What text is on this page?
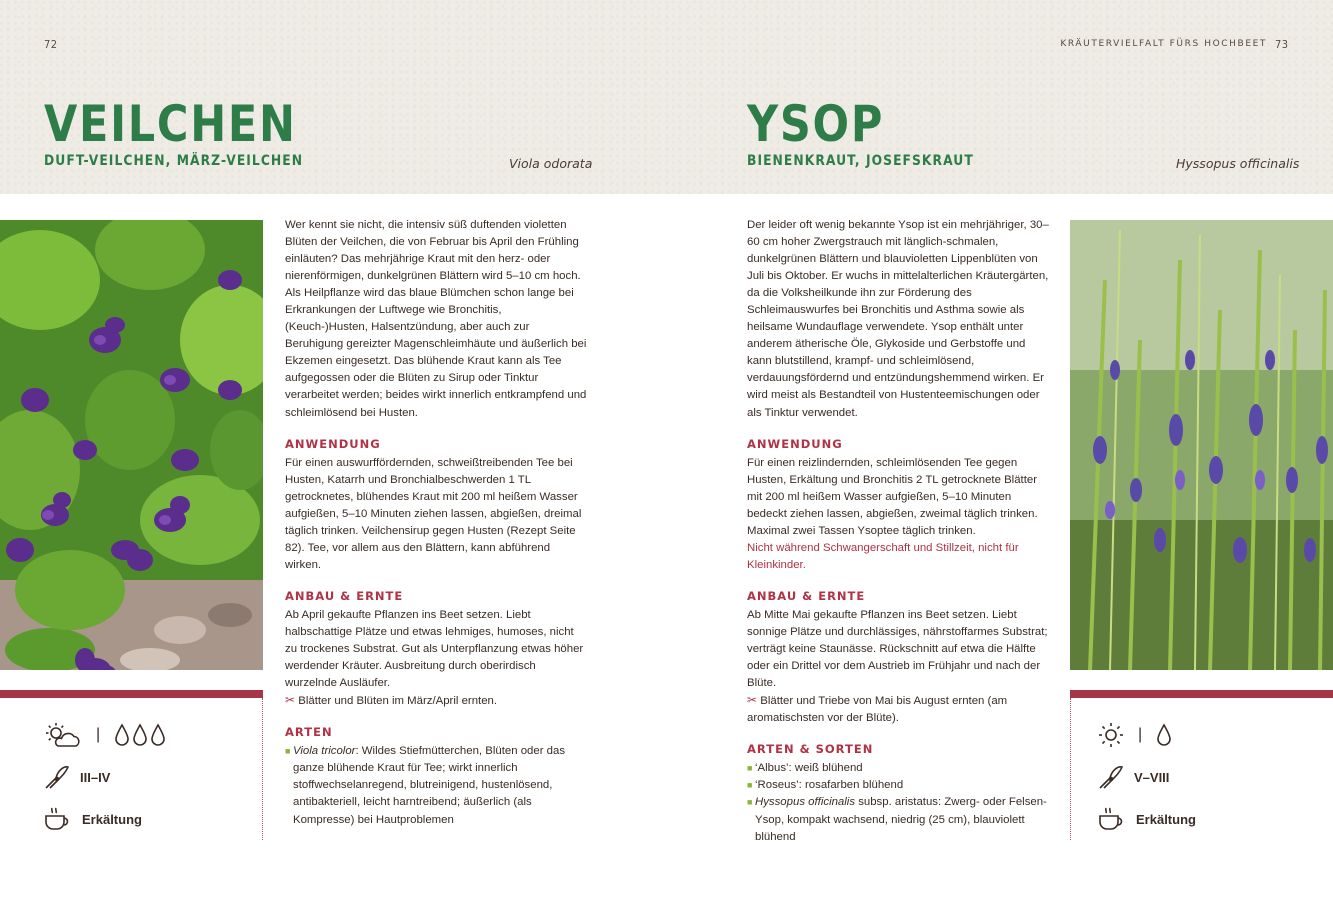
72
VEILCHEN
DUFT-VEILCHEN, MÄRZ-VEILCHEN	Viola odorata
KRÄUTERVIELFALT FÜRS HOCHBEET 73
YSOP
BIENENKRAUT, JOSEFSKRAUT	Hyssopus officinalis

Wer kennt sie nicht, die intensiv süß duftenden violetten Blüten der Veilchen, die von Februar bis April den Frühling einläuten? Das mehrjährige Kraut mit den herz- oder nierenförmigen, dunkelgrünen Blättern wird 5–10 cm hoch. Als Heilpflanze wird das blaue Blümchen schon lange bei Erkrankungen der Luftwege wie Bronchitis, (Keuch-)Husten, Halsentzündung, aber auch zur Beruhigung gereizter Magenschleimhäute und äußerlich bei Ekzemen eingesetzt. Das blühende Kraut kann als Tee aufgegossen oder die Blüten zu Sirup oder Tinktur verarbeitet werden; beides wirkt innerlich entkrampfend und schleimlösend bei Husten.

ANWENDUNG

Für einen auswurffördernden, schweißtreibenden Tee bei Husten, Katarrh und Bronchialbeschwerden 1 TL getrocknetes, blühendes Kraut mit 200 ml heißem Wasser aufgießen, 5–10 Minuten ziehen lassen, abgießen, dreimal täglich trinken. Veilchensirup gegen Husten (Rezept Seite 82). Tee, vor allem aus den Blättern, kann abführend wirken.

ANBAU & ERNTE

Ab April gekaufte Pflanzen ins Beet setzen. Liebt halbschattige Plätze und etwas lehmiges, humoses, nicht zu trockenes Substrat. Gut als Unterpflanzung etwas höher werdender Kräuter. Ausbreitung durch oberirdisch wurzelnde Ausläufer.
✂ Blätter und Blüten im März/April ernten.

ARTEN
■ Viola tricolor: Wildes Stiefmütterchen, Blüten oder das ganze blühende Kraut für Tee; wirkt innerlich stoffwechselanregend, blutreinigend, hustenlösend, antibakteriell, leicht harntreibend; äußerlich (als Kompresse) bei Hautproblemen

Der leider oft wenig bekannte Ysop ist ein mehrjähriger, 30–60 cm hoher Zwergstrauch mit länglich-schmalen, dunkelgrünen Blättern und blauvioletten Lippenblüten von Juli bis Oktober. Er wuchs in mittelalterlichen Kräutergärten, da die Volksheilkunde ihn zur Förderung des Schleimauswurfes bei Bronchitis und Asthma sowie als heilsame Wundauflage verwendete. Ysop enthält unter anderem ätherische Öle, Glykoside und Gerbstoffe und kann blutstillend, krampf- und schleimlösend, verdauungsfördernd und entzündungshemmend wirken. Er wird meist als Bestandteil von Hustenteemischungen oder als Tinktur verwendet.

ANWENDUNG

Für einen reizlindernden, schleimlösenden Tee gegen Husten, Erkältung und Bronchitis 2 TL getrocknete Blätter mit 200 ml heißem Wasser aufgießen, 5–10 Minuten bedeckt ziehen lassen, abgießen, zweimal täglich trinken. Maximal zwei Tassen Ysoptee täglich trinken.

Nicht während Schwangerschaft und Stillzeit, nicht für Kleinkinder.

ANBAU & ERNTE

Ab Mitte Mai gekaufte Pflanzen ins Beet setzen. Liebt sonnige Plätze und durchlässiges, nährstoffarmes Substrat; verträgt keine Staunässe. Rückschnitt auf etwa die Hälfte oder ein Drittel vor dem Austrieb im Frühjahr und nach der Blüte.
✂ Blätter und Triebe von Mai bis August ernten (am aromatischsten vor der Blüte).

ARTEN & SORTEN
■ ‘Albus’: weiß blühend
■ ‘Roseus’: rosafarben blühend
■ Hyssopus officinalis subsp. aristatus: Zwerg- oder Felsen-Ysop, kompakt wachsend, niedrig (25 cm), blauviolett blühend
|
III–IV
Erkältung
|
V–VIII
Erkältung
